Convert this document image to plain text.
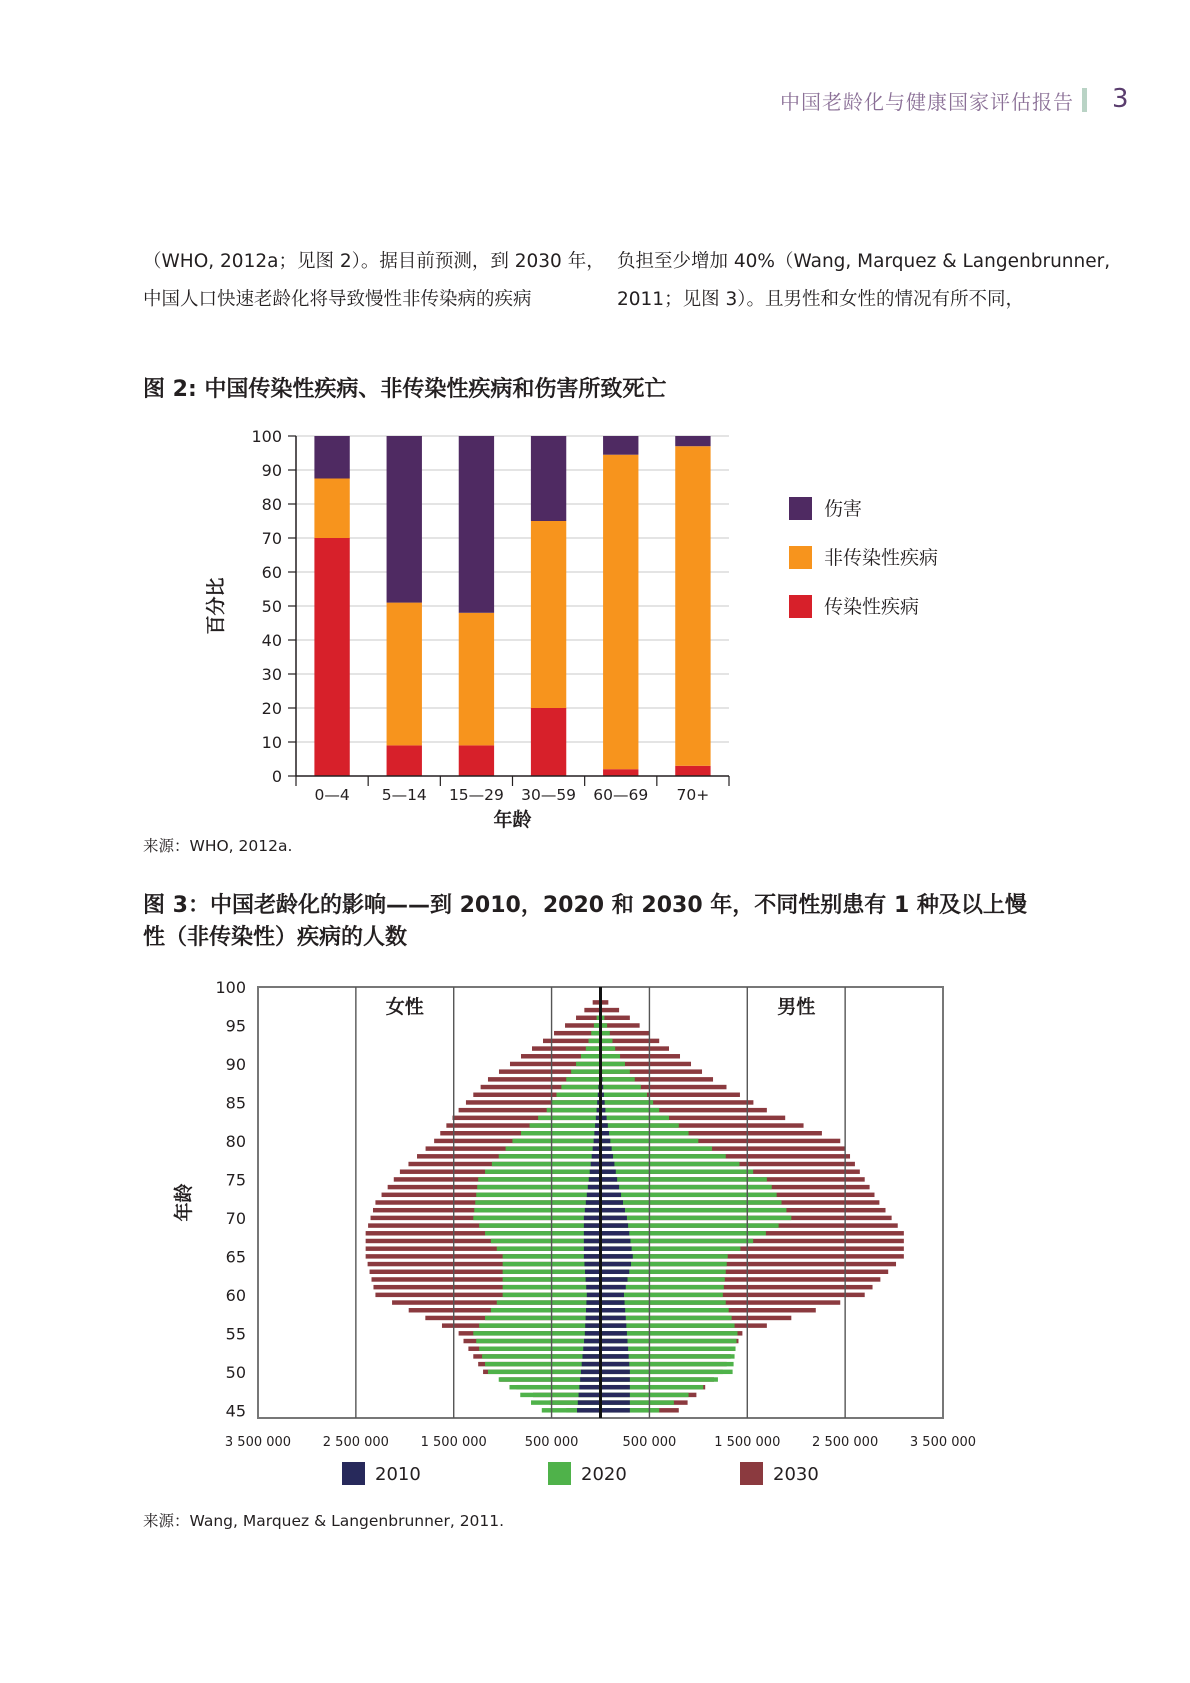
中国老龄化与健康国家评估报告 3
（WHO, 2012a；见图 2）。据目前预测，到 2030 年，
中国人口快速老龄化将导致慢性非传染病的疾病
负担至少增加 40%（Wang, Marquez & Langenbrunner,
2011；见图 3）。且男性和女性的情况有所不同，
图 2: 中国传染性疾病、非传染性疾病和伤害所致死亡
0
10
20
30
40
50
60
70
80
90
100
0—4 5—14 15—29 30—59 60—69 70+
伤害
非传染性疾病
传染性疾病
年龄
百分比
来源：WHO, 2012a.
图 3：中国老龄化的影响——到 2010，2020 和 2030 年，不同性别患有 1 种及以上慢
性（非传染性）疾病的人数
45
50
55
60
65
70
75
80
85
90
95
100
3 500 000 2 500 000 1 500 000	500 000	500 000	1 500 000 2 500 000 3 500 000
2010	2020	2030
女性	男性
年龄
来源：Wang, Marquez & Langenbrunner, 2011.
